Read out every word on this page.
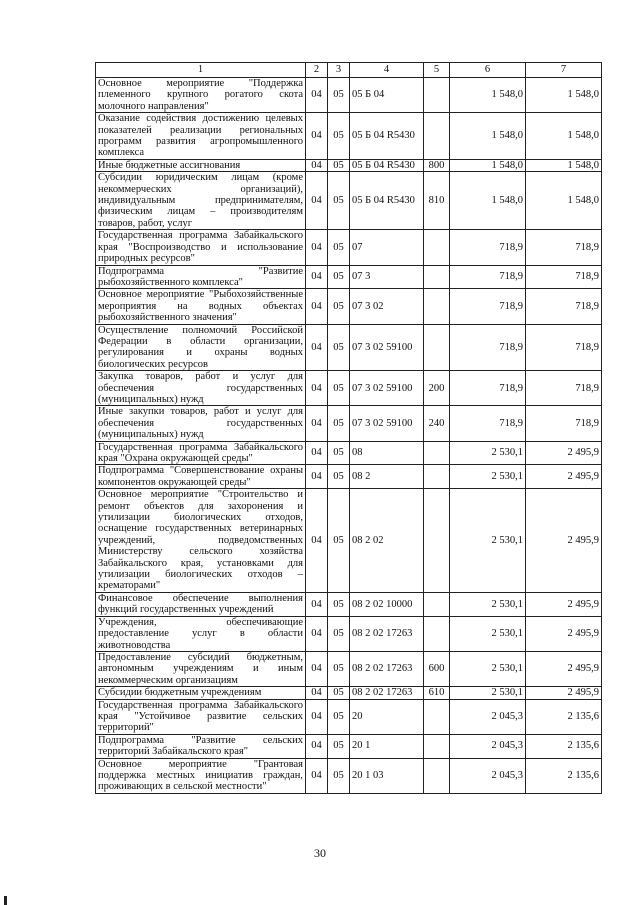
1	2	3	4	5	6	7
Основное мероприятие "Поддержка племенного крупного рогатого скота молочного направления"	04	05	05 Б 04		1 548,0	1 548,0
Оказание содействия достижению целевых показателей реализации региональных программ развития агропромышленного комплекса	04	05	05 Б 04 R5430		1 548,0	1 548,0
Иные бюджетные ассигнования	04	05	05 Б 04 R5430	800	1 548,0	1 548,0
Субсидии юридическим лицам (кроме некоммерческих организаций), индивидуальным предпринимателям, физическим лицам – производителям товаров, работ, услуг	04	05	05 Б 04 R5430	810	1 548,0	1 548,0
Государственная программа Забайкальского края "Воспроизводство и использование природных ресурсов"	04	05	07		718,9	718,9
Подпрограмма "Развитие рыбохозяйственного комплекса"	04	05	07 3		718,9	718,9
Основное мероприятие "Рыбохозяйственные мероприятия на водных объектах рыбохозяйственного значения"	04	05	07 3 02		718,9	718,9
Осуществление полномочий Российской Федерации в области организации, регулирования и охраны водных биологических ресурсов	04	05	07 3 02 59100		718,9	718,9
Закупка товаров, работ и услуг для обеспечения государственных (муниципальных) нужд	04	05	07 3 02 59100	200	718,9	718,9
Иные закупки товаров, работ и услуг для обеспечения государственных (муниципальных) нужд	04	05	07 3 02 59100	240	718,9	718,9
Государственная программа Забайкальского края "Охрана окружающей среды"	04	05	08		2 530,1	2 495,9
Подпрограмма "Совершенствование охраны компонентов окружающей среды"	04	05	08 2		2 530,1	2 495,9
Основное мероприятие "Строительство и ремонт объектов для захоронения и утилизации биологических отходов, оснащение государственных ветеринарных учреждений, подведомственных Министерству сельского хозяйства Забайкальского края, установками для утилизации биологических отходов – крематорами"	04	05	08 2 02		2 530,1	2 495,9
Финансовое обеспечение выполнения функций государственных учреждений	04	05	08 2 02 10000		2 530,1	2 495,9
Учреждения, обеспечивающие предоставление услуг в области животноводства	04	05	08 2 02 17263		2 530,1	2 495,9
Предоставление субсидий бюджетным, автономным учреждениям и иным некоммерческим организациям	04	05	08 2 02 17263	600	2 530,1	2 495,9
Субсидии бюджетным учреждениям	04	05	08 2 02 17263	610	2 530,1	2 495,9
Государственная программа Забайкальского края "Устойчивое развитие сельских территорий"	04	05	20		2 045,3	2 135,6
Подпрограмма "Развитие сельских территорий Забайкальского края"	04	05	20 1		2 045,3	2 135,6
Основное мероприятие "Грантовая поддержка местных инициатив граждан, проживающих в сельской местности"	04	05	20 1 03		2 045,3	2 135,6
30
